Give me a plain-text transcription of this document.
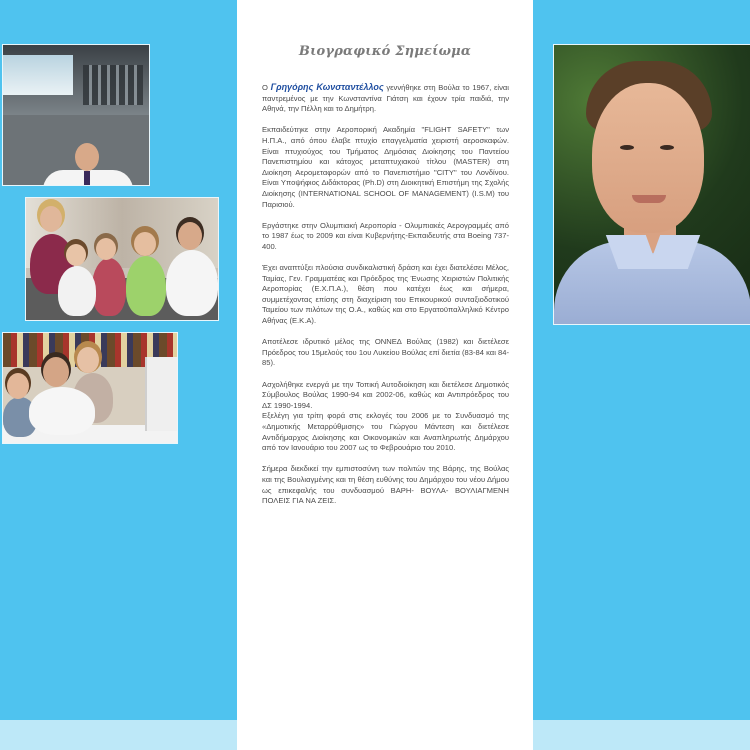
Βιογραφικό Σημείωμα

Ο Γρηγόρης Κωνσταντέλλος γεννήθηκε στη Βούλα το 1967, είναι παντρεμένος με την Κωνσταντίνα Γιάτση και έχουν τρία παιδιά, την Αθηνά, την Πέλλη και το Δημήτρη.

Εκπαιδεύτηκε στην Αεροπορική Ακαδημία "FLIGHT SAFETY" των Η.Π.Α., από όπου έλαβε πτυχίο επαγγελματία χειριστή αεροσκαφών. Είναι πτυχιούχος του Τμήματος Δημόσιας Διοίκησης του Παντείου Πανεπιστημίου και κάτοχος μεταπτυχιακού τίτλου (MASTER) στη Διοίκηση Αερομεταφορών από το Πανεπιστήμιο "CITY" του Λονδίνου. Είναι Υποψήφιος Διδάκτορας (Ph.D) στη Διοικητική Επιστήμη της Σχολής Διοίκησης (INTERNATIONAL SCHOOL OF MANAGEMENT) (I.S.M) του Παρισιού.

Εργάστηκε στην Ολυμπιακή Αεροπορία - Ολυμπιακές Αερογραμμές από το 1987 έως το 2009 και είναι Κυβερνήτης-Εκπαιδευτής στα Boeing 737-400.

Έχει αναπτύξει πλούσια συνδικαλιστική δράση και έχει διατελέσει Μέλος, Ταμίας, Γεν. Γραμματέας και Πρόεδρος της Ένωσης Χειριστών Πολιτικής Αεροπορίας (Ε.Χ.Π.Α.), θέση που κατέχει έως και σήμερα, συμμετέχοντας επίσης στη διαχείριση του Επικουρικού συνταξιοδοτικού Ταμείου των πιλότων της Ο.Α., καθώς και στο Εργατοϋπαλληλικό Κέντρο Αθήνας (Ε.Κ.Α).

Αποτέλεσε ιδρυτικό μέλος της ΟΝΝΕΔ Βούλας (1982) και διετέλεσε Πρόεδρος του 15μελούς του 1ου Λυκείου Βούλας επί διετία (83-84 και 84-85).

Ασχολήθηκε ενεργά με την Τοπική Αυτοδιοίκηση και διετέλεσε Δημοτικός Σύμβουλος Βούλας 1990-94 και 2002-06, καθώς και Αντιπρόεδρος του ΔΣ 1990-1994.

Εξελέγη για τρίτη φορά στις εκλογές του 2006 με το Συνδυασμό της «Δημοτικής Μεταρρύθμισης» του Γιώργου Μάντεση και διετέλεσε Αντιδήμαρχος Διοίκησης και Οικονομικών και Αναπληρωτής Δημάρχου από τον Ιανουάριο του 2007 ως το Φεβρουάριο του 2010.

Σήμερα διεκδικεί την εμπιστοσύνη των πολιτών της Βάρης, της Βούλας και της Βουλιαγμένης και τη θέση ευθύνης του Δημάρχου του νέου Δήμου ως επικεφαλής του συνδυασμού ΒΑΡΗ- ΒΟΥΛΑ- ΒΟΥΛΙΑΓΜΕΝΗ ΠΟΛΕΙΣ ΓΙΑ ΝΑ ΖΕΙΣ.
